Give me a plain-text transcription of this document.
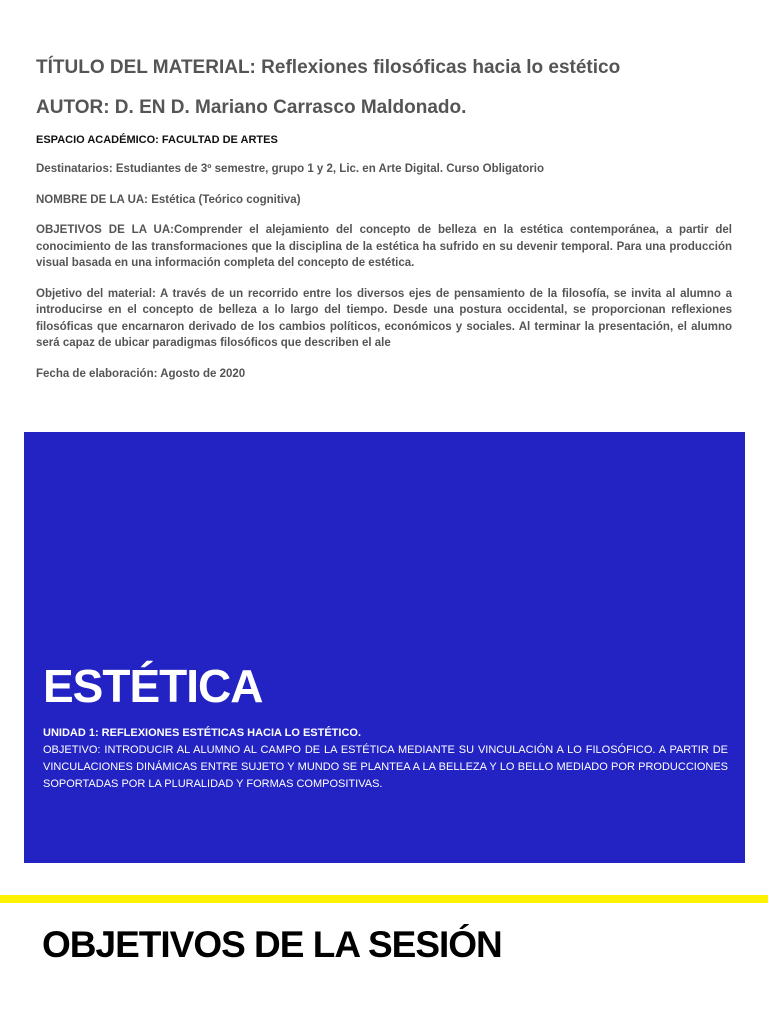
TÍTULO DEL MATERIAL: Reflexiones filosóficas hacia lo estético
AUTOR: D. EN D. Mariano Carrasco Maldonado.
ESPACIO ACADÉMICO: FACULTAD DE ARTES
Destinatarios: Estudiantes de 3º semestre, grupo 1 y 2, Lic. en Arte Digital. Curso Obligatorio
NOMBRE DE LA UA: Estética (Teórico cognitiva)
OBJETIVOS DE LA UA:Comprender el alejamiento del concepto de belleza en la estética contemporánea, a partir del conocimiento de las transformaciones que la disciplina de la estética ha sufrido en su devenir temporal. Para una producción visual basada en una información completa del concepto de estética.
Objetivo del material: A través de un recorrido entre los diversos ejes de pensamiento de la filosofía, se invita al alumno a introducirse en el concepto de belleza a lo largo del tiempo. Desde una postura occidental, se proporcionan reflexiones filosóficas que encarnaron derivado de los cambios políticos, económicos y sociales. Al terminar la presentación, el alumno será capaz de ubicar paradigmas filosóficos que describen el ale
Fecha de elaboración: Agosto de 2020
ESTÉTICA
UNIDAD 1: REFLEXIONES ESTÉTICAS HACIA LO ESTÉTICO.
OBJETIVO: INTRODUCIR AL ALUMNO AL CAMPO DE LA ESTÉTICA MEDIANTE SU VINCULACIÓN A LO FILOSÓFICO. A PARTIR DE VINCULACIONES DINÁMICAS ENTRE SUJETO Y MUNDO SE PLANTEA A LA BELLEZA Y LO BELLO MEDIADO POR PRODUCCIONES SOPORTADAS POR LA PLURALIDAD Y FORMAS COMPOSITIVAS.
OBJETIVOS DE LA SESIÓN
